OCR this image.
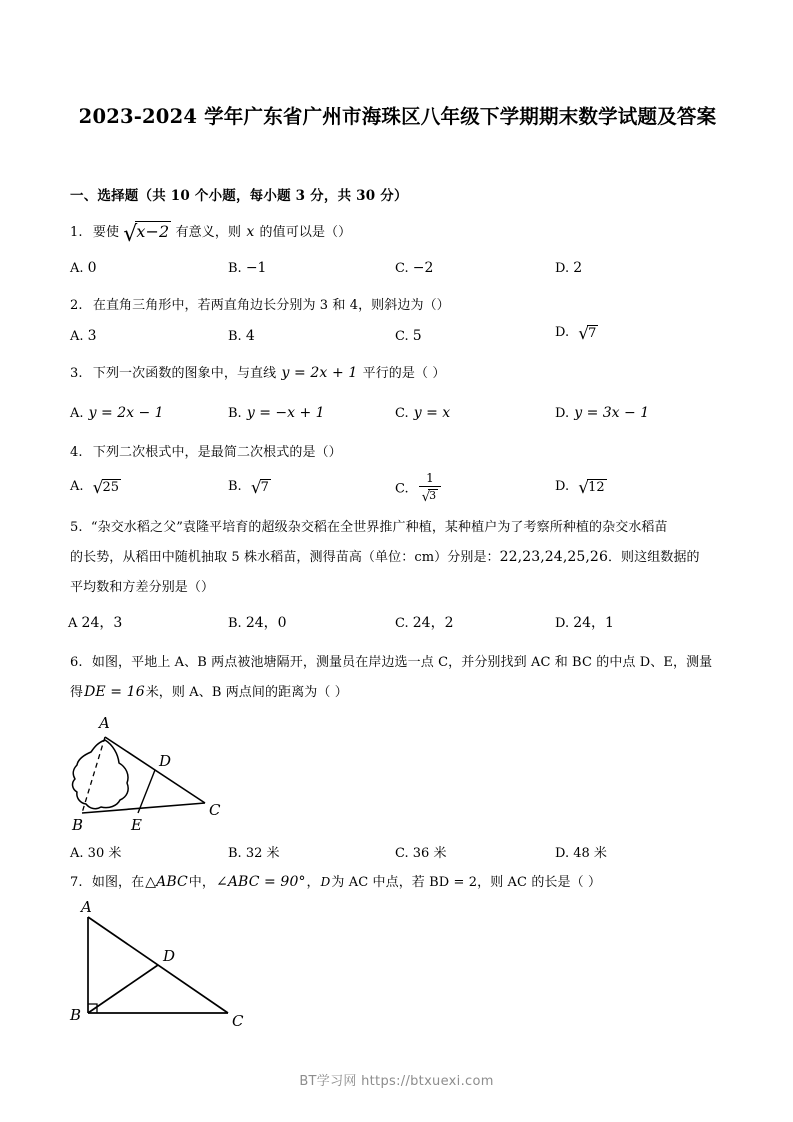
2023-2024 学年广东省广州市海珠区八年级下学期期末数学试题及答案
一、选择题（共 10 个小题，每小题 3 分，共 30 分）
1. 要使 √x−2 有意义，则 x 的值可以是（）
A. 0	B. −1	C. −2	D. 2
2. 在直角三角形中，若两直角边长分别为 3 和 4，则斜边为（）
A. 3	B. 4	C. 5	D. √7
3. 下列一次函数的图象中，与直线 y = 2x + 1 平行的是（ ）
A. y = 2x − 1	B. y = −x + 1	C. y = x	D. y = 3x − 1
4. 下列二次根式中，是最简二次根式的是（）
A. √25	B. √7	C. $\frac{1}{√3}$	D. √12
5. “杂交水稻之父”袁隆平培育的超级杂交稻在全世界推广种植，某种植户为了考察所种植的杂交水稻苗
的长势，从稻田中随机抽取 5 株水稻苗，测得苗高（单位：cm）分别是：22,23,24,25,26．则这组数据的
平均数和方差分别是（）
A 24，3	B. 24，0	C. 24，2	D. 24，1
6. 如图，平地上 A、B 两点被池塘隔开，测量员在岸边选一点 C，并分别找到 AC 和 BC 的中点 D、E，测量
得DE = 16米，则 A、B 两点间的距离为（ ）
A
B
C
D
E
A. 30 米	B. 32 米	C. 36 米	D. 48 米
7. 如图，在△ABC中，∠ABC = 90°，D为 AC 中点，若 BD = 2，则 AC 的长是（ ）
A
B	C
D
BT学习网 https://btxuexi.com
